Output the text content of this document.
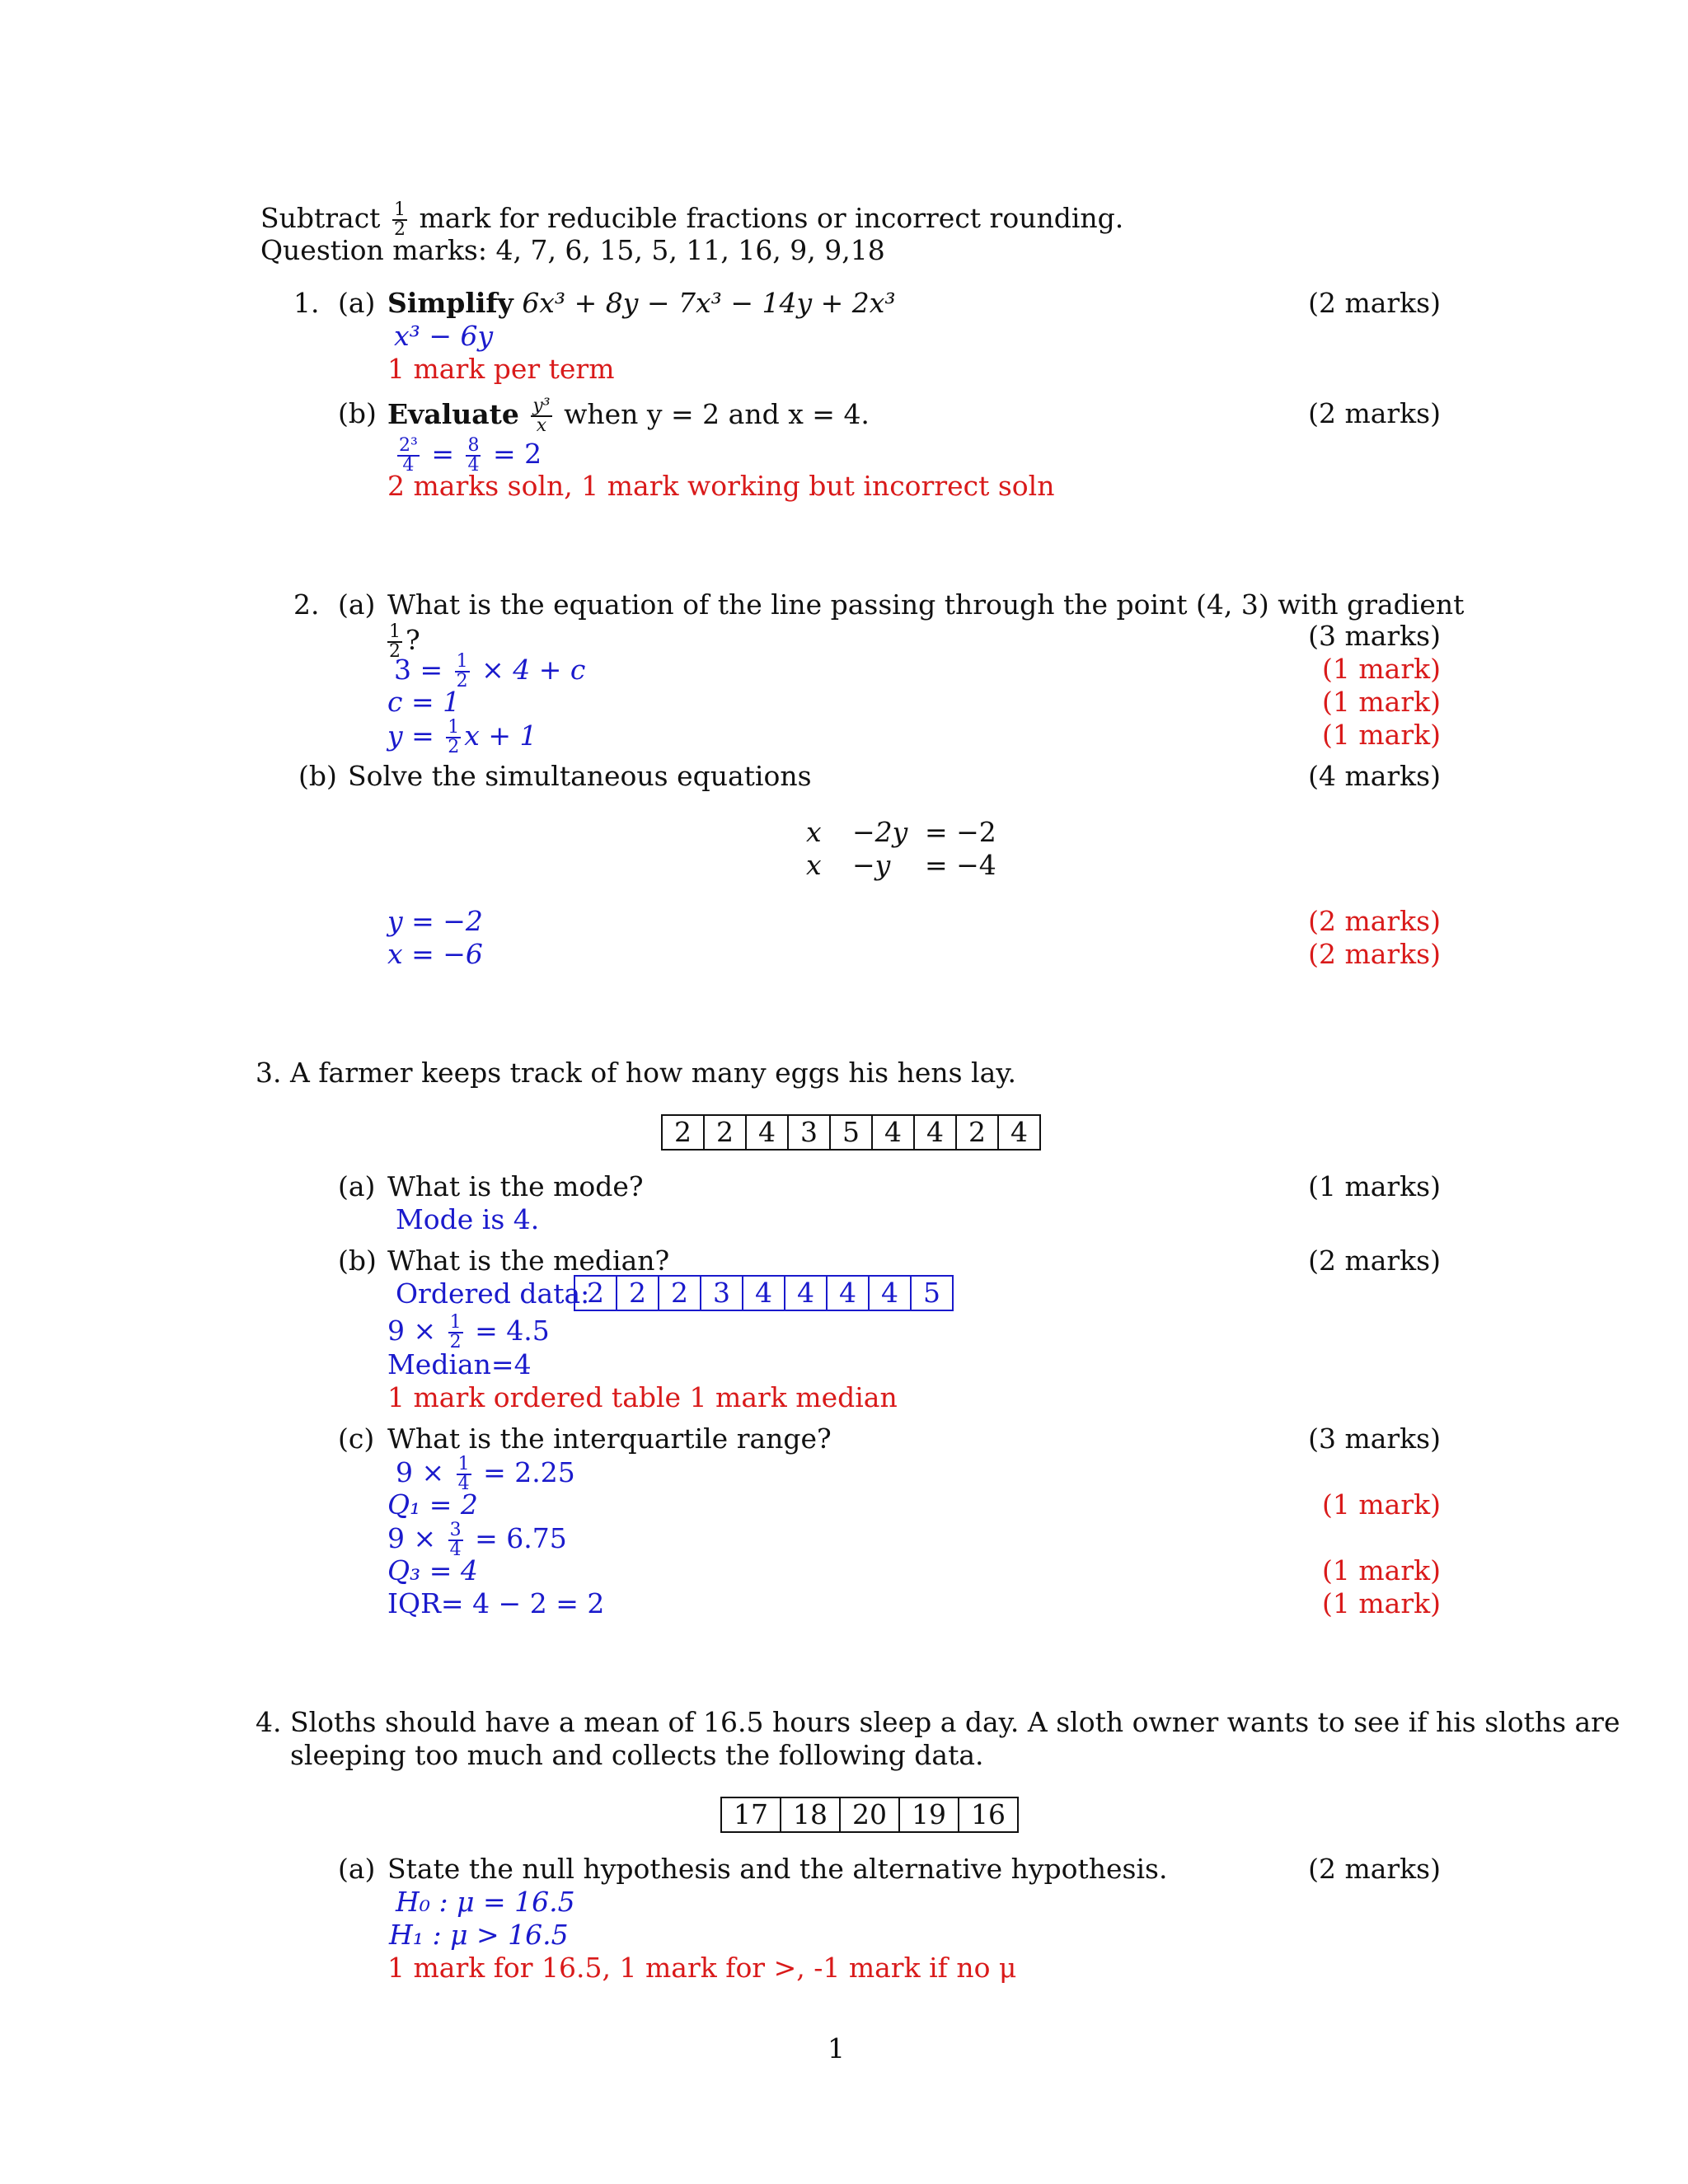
Subtract $\frac{1}{2}$ mark for reducible fractions or incorrect rounding.
Question marks: 4, 7, 6, 15, 5, 11, 16, 9, 9,18
1. (a) Simplify 6x³ + 8y − 7x³ − 14y + 2x³	(2 marks)
x³ − 6y
1 mark per term
(b) Evaluate $\frac{\text{y³}}{x}$ when y = 2 and x = 4.	(2 marks)
$\frac{\text{2³}}{4} = \frac{8}{4} = 2$
2 marks soln, 1 mark working but incorrect soln
2. (a) What is the equation of the line passing through the point (4, 3) with gradient
$\frac{1}{2}$ ?	(3 marks)
$3 = \frac{1}{2} \times 4 + c$	(1 mark)
c = 1	(1 mark)
$y = \frac{1}{2}$ x + 1	(1 mark)
(b) Solve the simultaneous equations	(4 marks)
x −2y = −2
x −y = −4
y = −2	(2 marks)
x = −6	(2 marks)
3. A farmer keeps track of how many eggs his hens lay.
2	2	4	3	5	4	4	2	4
(a) What is the mode?	(1 marks)
Mode is 4.
(b) What is the median?	(2 marks)
Ordered data:
2	2	2	3	4	4	4	4	5
$9 \times \frac{1}{2} = 4.5$
Median=4
1 mark ordered table 1 mark median
(c) What is the interquartile range?	(3 marks)
$9 \times \frac{1}{4} = 2.25$
Q₁ = 2	(1 mark)
$9 \times \frac{3}{4} = 6.75$
Q₃ = 4	(1 mark)
IQR= 4 − 2 = 2	(1 mark)
4. Sloths should have a mean of 16.5 hours sleep a day. A sloth owner wants to see if his sloths are
sleeping too much and collects the following data.
17	18	20	19	16
(a) State the null hypothesis and the alternative hypothesis.	(2 marks)
H₀ : μ = 16.5
H₁ : μ > 16.5
1 mark for 16.5, 1 mark for >, -1 mark if no μ
1
